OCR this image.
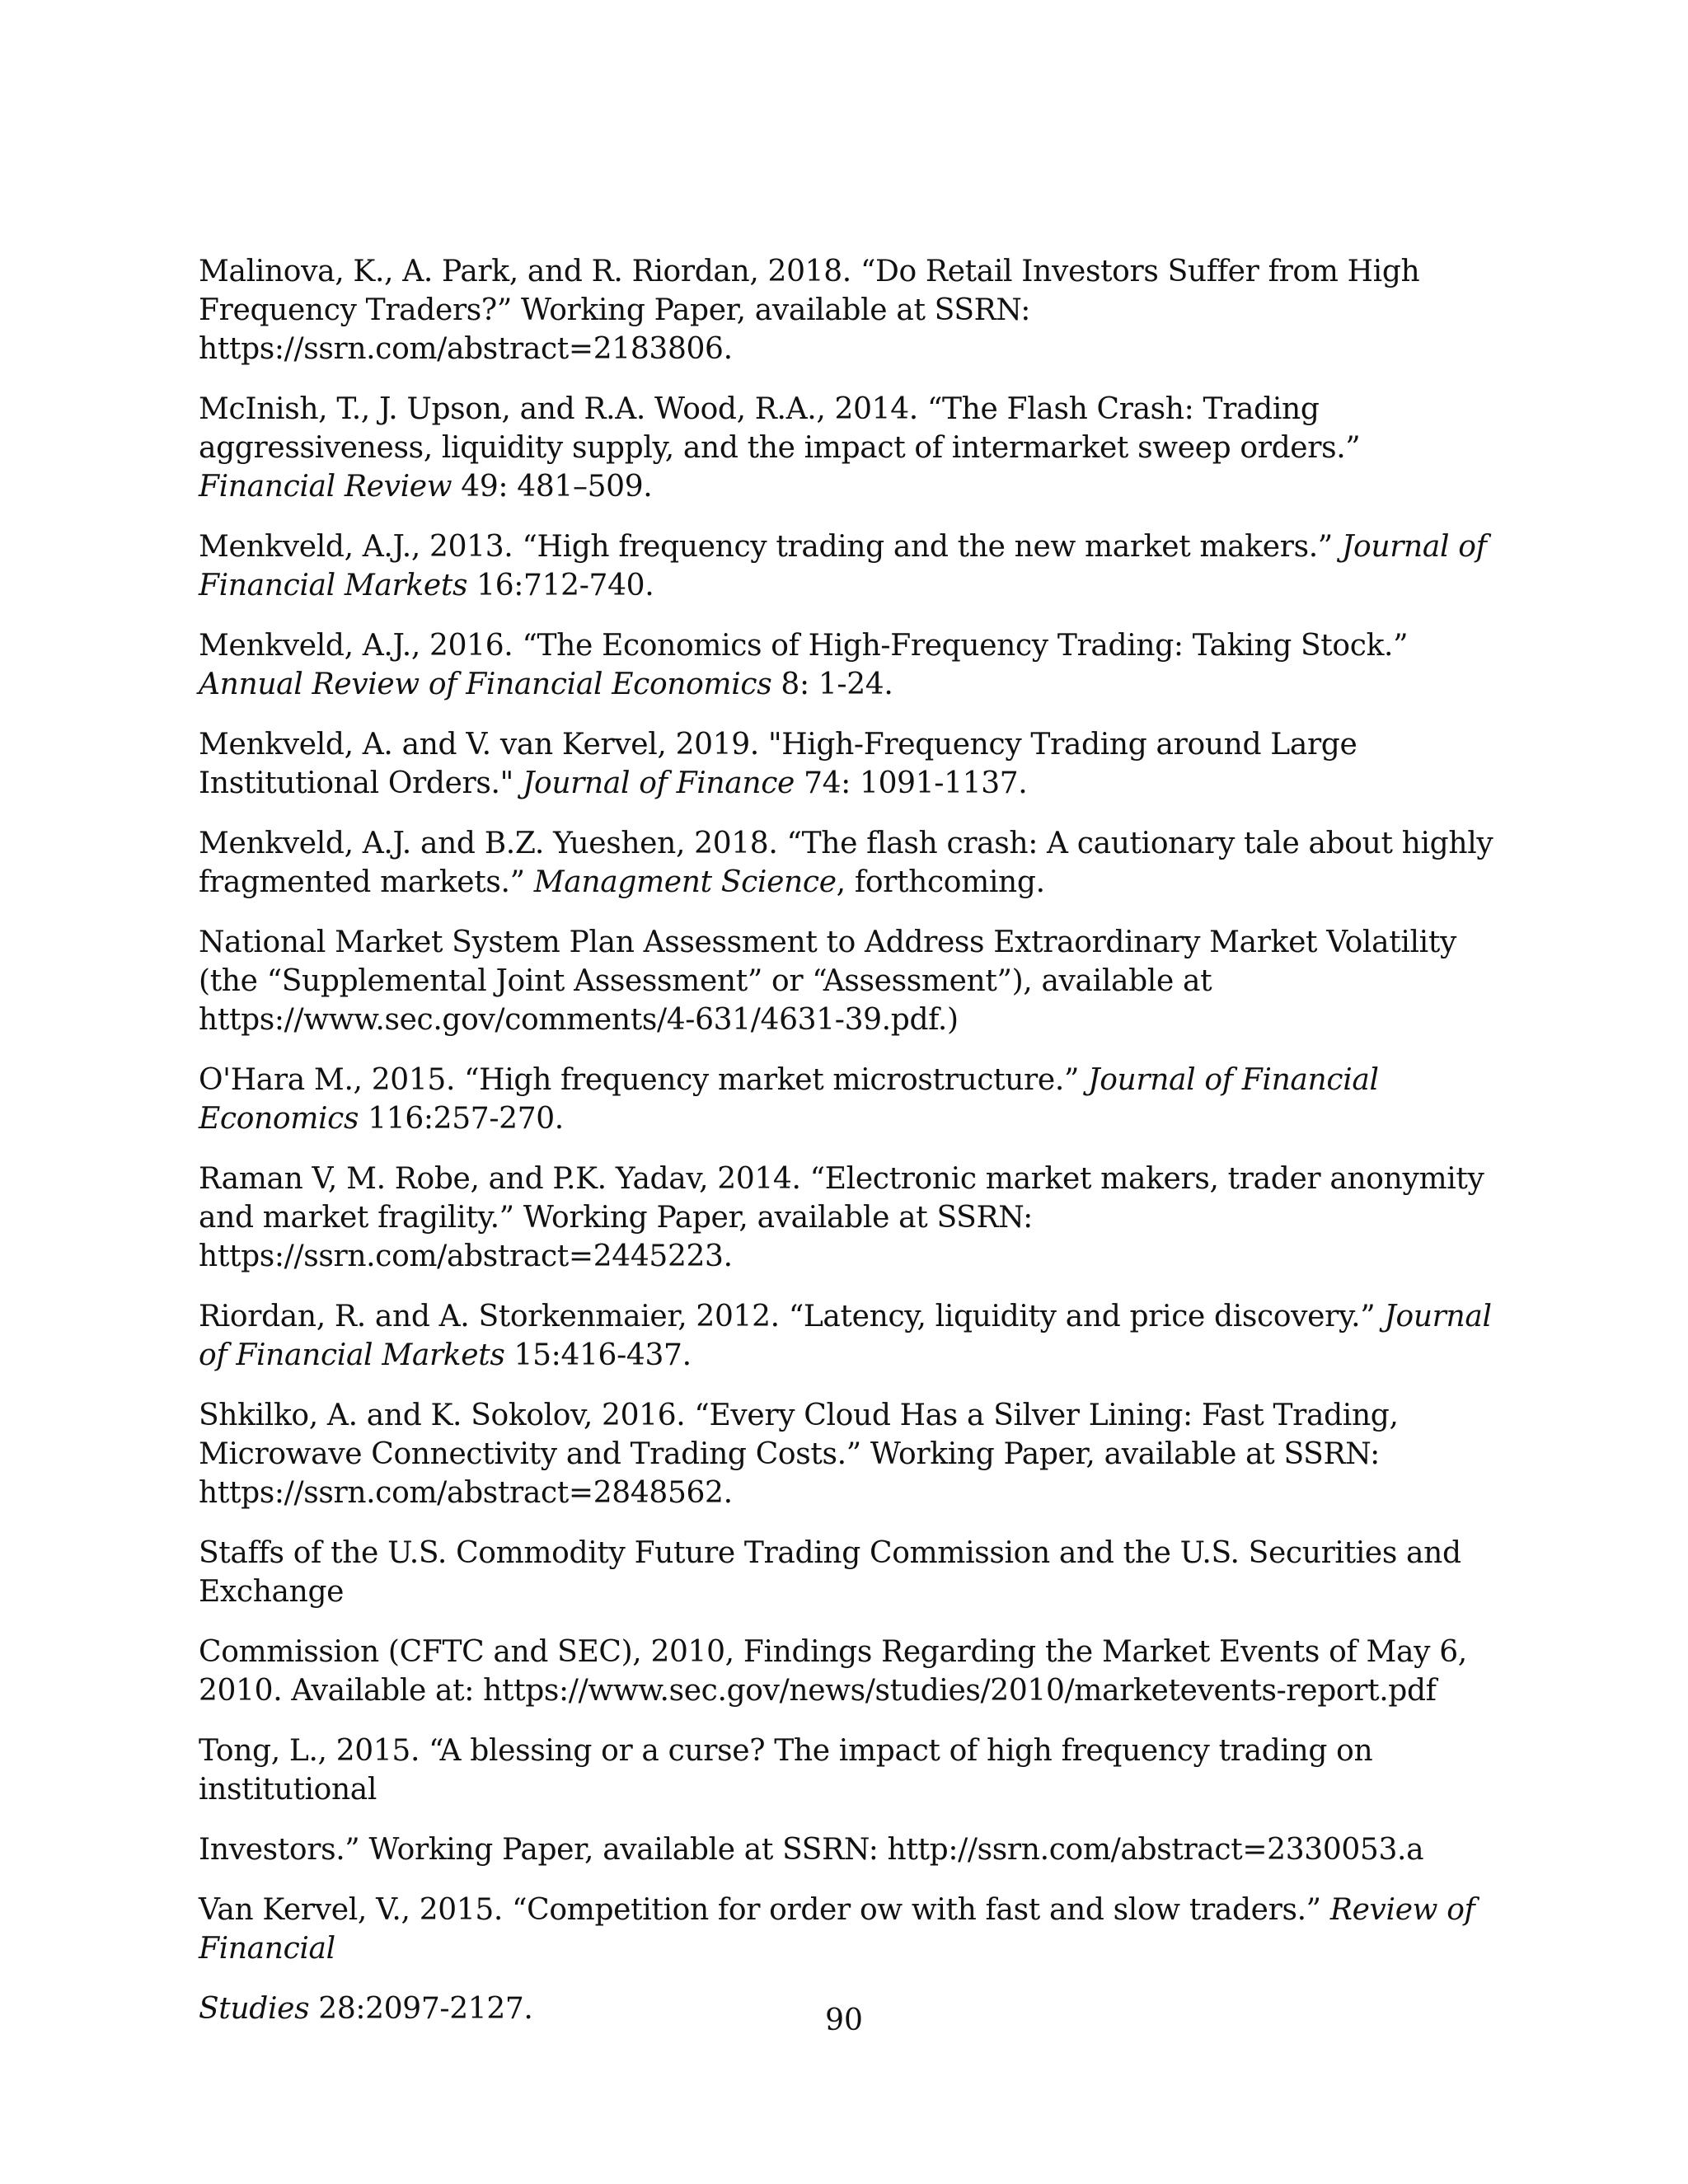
Malinova, K., A. Park, and R. Riordan, 2018. “Do Retail Investors Suffer from High Frequency Traders?” Working Paper, available at SSRN: https://ssrn.com/abstract=2183806.

McInish, T., J. Upson, and R.A. Wood, R.A., 2014. “The Flash Crash: Trading aggressiveness, liquidity supply, and the impact of intermarket sweep orders.” Financial Review 49: 481–509.

Menkveld, A.J., 2013. “High frequency trading and the new market makers.” Journal of Financial Markets 16:712-740.

Menkveld, A.J., 2016. “The Economics of High-Frequency Trading: Taking Stock.” Annual Review of Financial Economics 8: 1-24.

Menkveld, A. and V. van Kervel, 2019. "High-Frequency Trading around Large Institutional Orders." Journal of Finance 74: 1091-1137.

Menkveld, A.J. and B.Z. Yueshen, 2018. “The flash crash: A cautionary tale about highly fragmented markets.” Managment Science, forthcoming.

National Market System Plan Assessment to Address Extraordinary Market Volatility (the “Supplemental Joint Assessment” or “Assessment”), available at https://www.sec.gov/comments/4-631/4631-39.pdf.)

O'Hara M., 2015. “High frequency market microstructure.” Journal of Financial Economics 116:257-270.

Raman V, M. Robe, and P.K. Yadav, 2014. “Electronic market makers, trader anonymity and market fragility.” Working Paper, available at SSRN: https://ssrn.com/abstract=2445223.

Riordan, R. and A. Storkenmaier, 2012. “Latency, liquidity and price discovery.” Journal of Financial Markets 15:416-437.

Shkilko, A. and K. Sokolov, 2016. “Every Cloud Has a Silver Lining: Fast Trading, Microwave Connectivity and Trading Costs.” Working Paper, available at SSRN: https://ssrn.com/abstract=2848562.

Staffs of the U.S. Commodity Future Trading Commission and the U.S. Securities and Exchange

Commission (CFTC and SEC), 2010, Findings Regarding the Market Events of May 6, 2010. Available at: https://www.sec.gov/news/studies/2010/marketevents-report.pdf

Tong, L., 2015. “A blessing or a curse? The impact of high frequency trading on institutional

Investors.” Working Paper, available at SSRN: http://ssrn.com/abstract=2330053.a

Van Kervel, V., 2015. “Competition for order ow with fast and slow traders.” Review of Financial

Studies 28:2097-2127.	90
